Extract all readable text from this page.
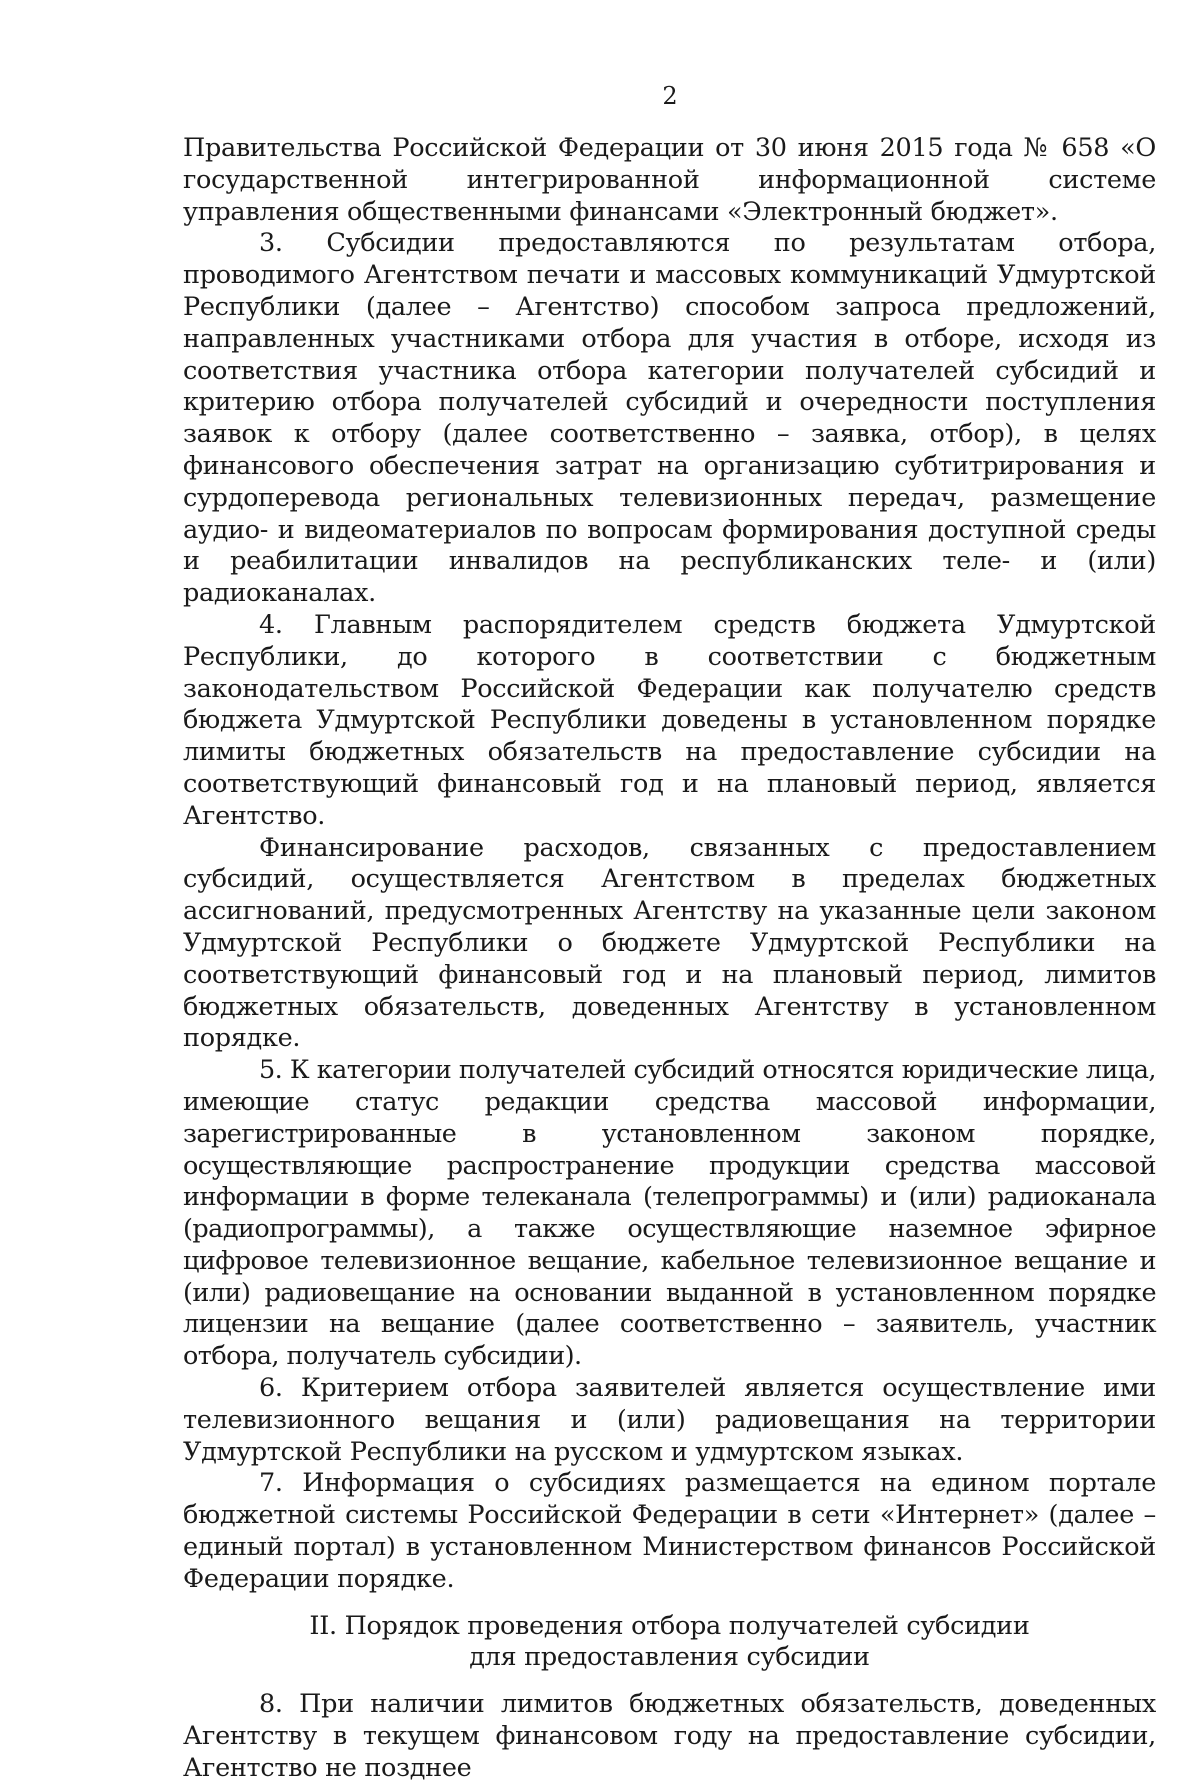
2

Правительства Российской Федерации от 30 июня 2015 года № 658 «О государственной интегрированной информационной системе управления общественными финансами «Электронный бюджет».

3. Субсидии предоставляются по результатам отбора, проводимого Агентством печати и массовых коммуникаций Удмуртской Республики (далее – Агентство) способом запроса предложений, направленных участниками отбора для участия в отборе, исходя из соответствия участника отбора категории получателей субсидий и критерию отбора получателей субсидий и очередности поступления заявок к отбору (далее соответственно – заявка, отбор), в целях финансового обеспечения затрат на организацию субтитрирования и сурдоперевода региональных телевизионных передач, размещение аудио- и видеоматериалов по вопросам формирования доступной среды и реабилитации инвалидов на республиканских теле- и (или) радиоканалах.

4. Главным распорядителем средств бюджета Удмуртской Республики, до которого в соответствии с бюджетным законодательством Российской Федерации как получателю средств бюджета Удмуртской Республики доведены в установленном порядке лимиты бюджетных обязательств на предоставление субсидии на соответствующий финансовый год и на плановый период, является Агентство.

Финансирование расходов, связанных с предоставлением субсидий, осуществляется Агентством в пределах бюджетных ассигнований, предусмотренных Агентству на указанные цели законом Удмуртской Республики о бюджете Удмуртской Республики на соответствующий финансовый год и на плановый период, лимитов бюджетных обязательств, доведенных Агентству в установленном порядке.

5. К категории получателей субсидий относятся юридические лица, имеющие статус редакции средства массовой информации, зарегистрированные в установленном законом порядке, осуществляющие распространение продукции средства массовой информации в форме телеканала (телепрограммы) и (или) радиоканала (радиопрограммы), а также осуществляющие наземное эфирное цифровое телевизионное вещание, кабельное телевизионное вещание и (или) радиовещание на основании выданной в установленном порядке лицензии на вещание (далее соответственно – заявитель, участник отбора, получатель субсидии).

6. Критерием отбора заявителей является осуществление ими телевизионного вещания и (или) радиовещания на территории Удмуртской Республики на русском и удмуртском языках.

7. Информация о субсидиях размещается на едином портале бюджетной системы Российской Федерации в сети «Интернет» (далее – единый портал) в установленном Министерством финансов Российской Федерации порядке.

II. Порядок проведения отбора получателей субсидии
для предоставления субсидии

8. При наличии лимитов бюджетных обязательств, доведенных Агентству в текущем финансовом году на предоставление субсидии, Агентство не позднее
